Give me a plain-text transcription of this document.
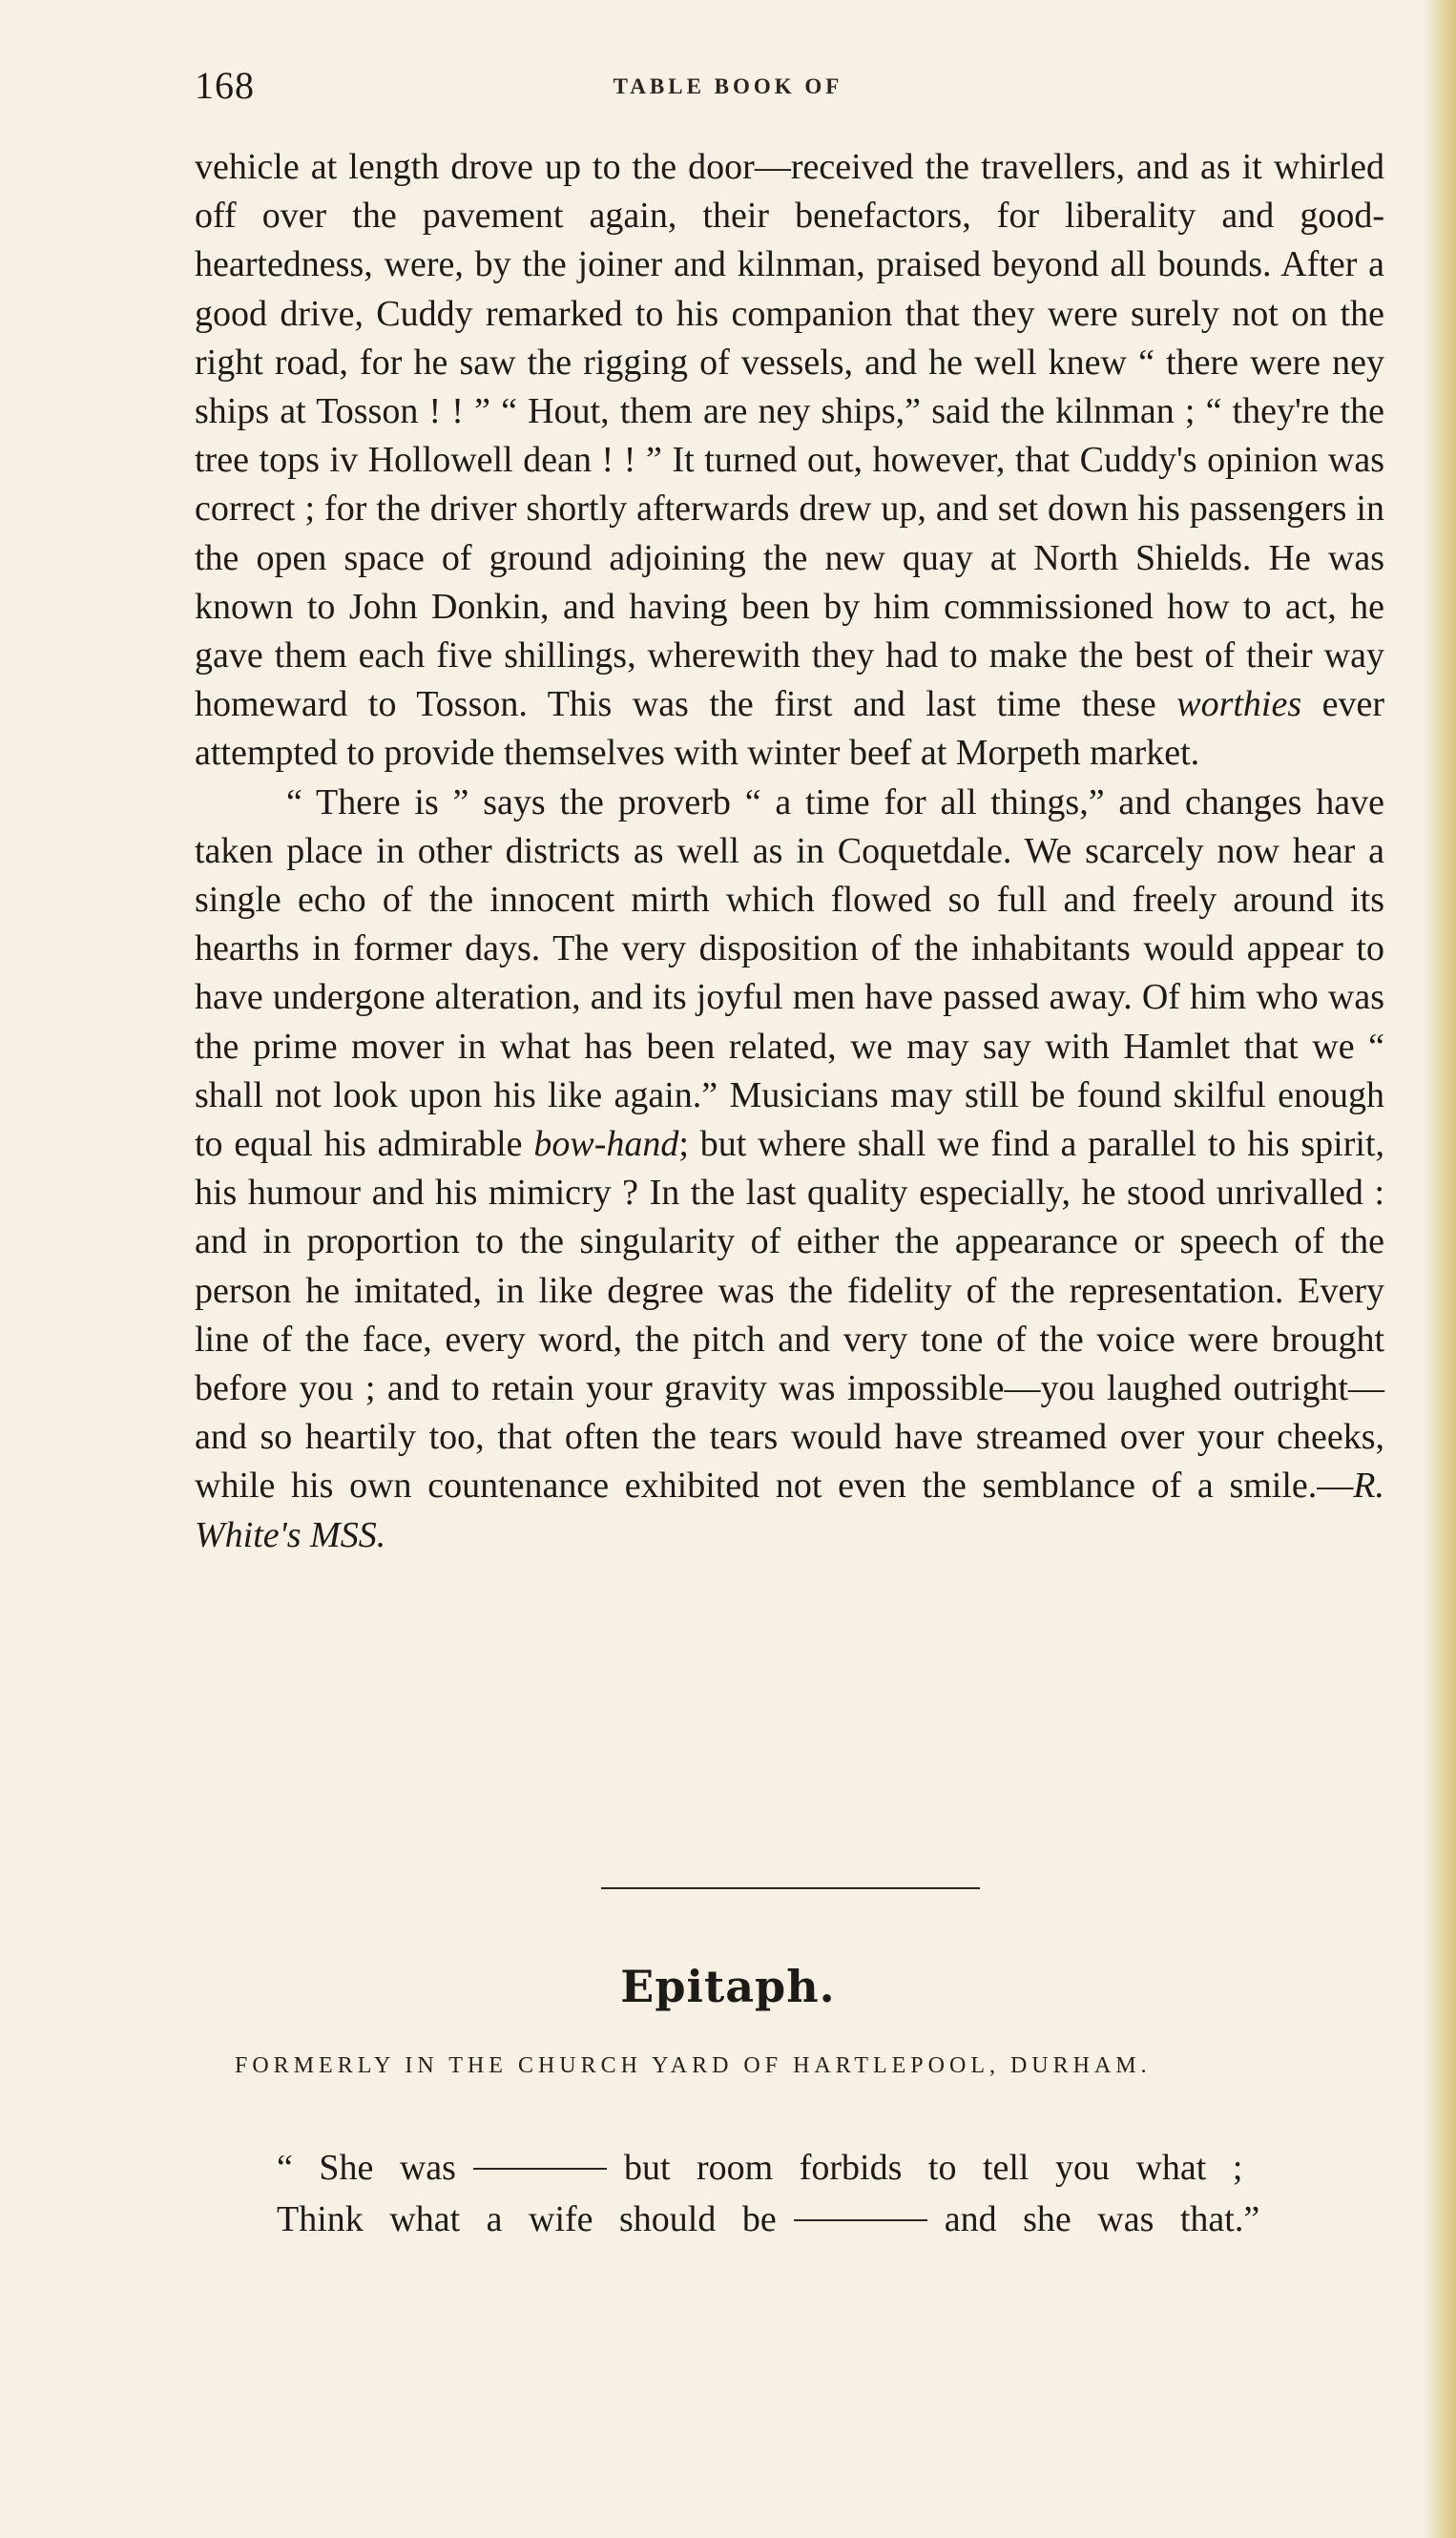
168	TABLE BOOK OF

vehicle at length drove up to the door—received the travellers, and as it whirled off over the pavement again, their benefactors, for liberality and good-heartedness, were, by the joiner and kilnman, praised beyond all bounds. After a good drive, Cuddy remarked to his companion that they were surely not on the right road, for he saw the rigging of vessels, and he well knew “ there were ney ships at Tosson ! ! ” “ Hout, them are ney ships,” said the kilnman ; “ they're the tree tops iv Hollowell dean ! ! ” It turned out, however, that Cuddy's opinion was correct ; for the driver shortly afterwards drew up, and set down his passengers in the open space of ground adjoining the new quay at North Shields. He was known to John Donkin, and having been by him commissioned how to act, he gave them each five shillings, wherewith they had to make the best of their way homeward to Tosson. This was the first and last time these worthies ever attempted to provide themselves with winter beef at Morpeth market.

“ There is ” says the proverb “ a time for all things,” and changes have taken place in other districts as well as in Coquetdale. We scarcely now hear a single echo of the innocent mirth which flowed so full and freely around its hearths in former days. The very disposition of the inhabitants would appear to have undergone alteration, and its joyful men have passed away. Of him who was the prime mover in what has been related, we may say with Hamlet that we “ shall not look upon his like again.” Musicians may still be found skilful enough to equal his admirable bow-hand; but where shall we find a parallel to his spirit, his humour and his mimicry ? In the last quality especially, he stood unrivalled : and in proportion to the singularity of either the appearance or speech of the person he imitated, in like degree was the fidelity of the representation. Every line of the face, every word, the pitch and very tone of the voice were brought before you ; and to retain your gravity was impossible—you laughed outright—and so heartily too, that often the tears would have streamed over your cheeks, while his own countenance exhibited not even the semblance of a smile.—R. White's MSS.

Epitaph.
FORMERLY IN THE CHURCH YARD OF HARTLEPOOL, DURHAM.
“ She was	but room forbids to tell you what ;
Think what a wife should be	and she was that.”
